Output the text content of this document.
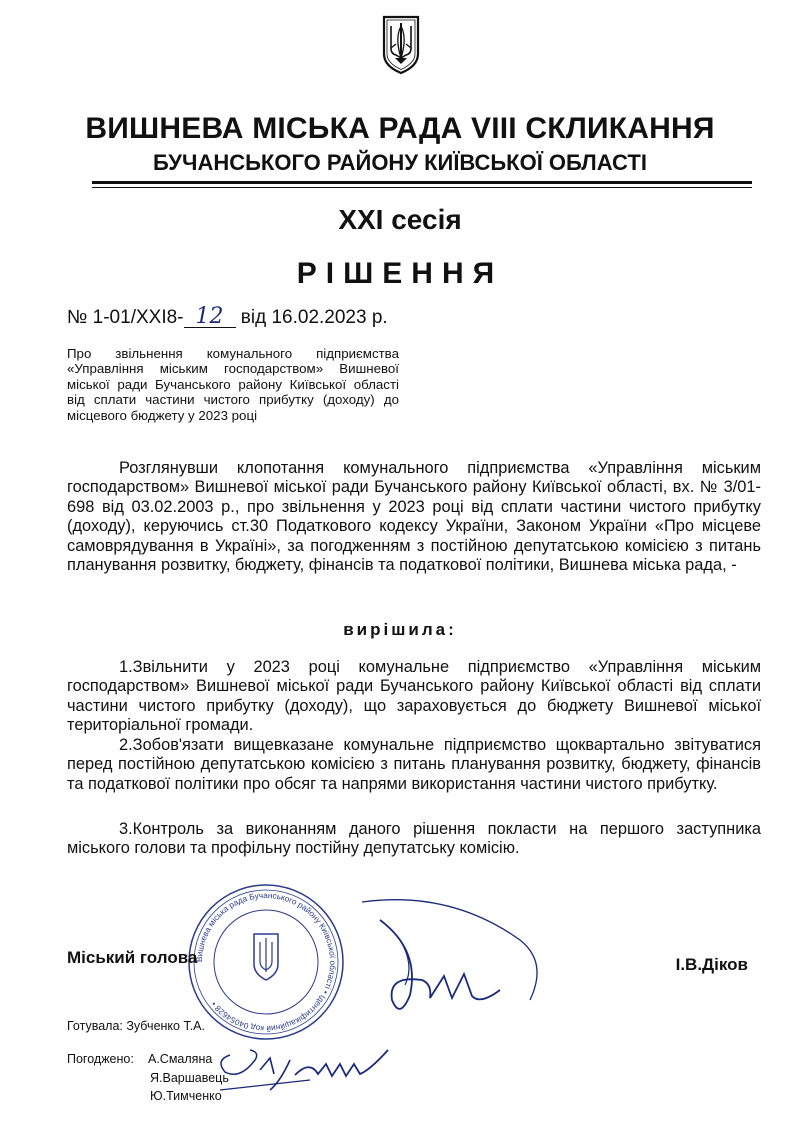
ВИШНЕВА МІСЬКА РАДА VIII СКЛИКАННЯ
БУЧАНСЬКОГО РАЙОНУ КИЇВСЬКОЇ ОБЛАСТІ
XXI сесія
РІШЕННЯ
№ 1-01/XXI8- 12 від 16.02.2023 р.
Про звільнення комунального підприємства «Управління міським господарством» Вишневої міської ради Бучанського району Київської області від сплати частини чистого прибутку (доходу) до місцевого бюджету у 2023 році
Розглянувши клопотання комунального підприємства «Управління міським господарством» Вишневої міської ради Бучанського району Київської області, вх. № 3/01-698 від 03.02.2003 р., про звільнення у 2023 році від сплати частини чистого прибутку (доходу), керуючись ст.30 Податкового кодексу України, Законом України «Про місцеве самоврядування в Україні», за погодженням з постійною депутатською комісією з питань планування розвитку, бюджету, фінансів та податкової політики, Вишнева міська рада, -
вирішила:
1.Звільнити у 2023 році комунальне підприємство «Управління міським господарством» Вишневої міської ради Бучанського району Київської області від сплати частини чистого прибутку (доходу), що зараховується до бюджету Вишневої міської територіальної громади.
2.Зобов'язати вищевказане комунальне підприємство щоквартально звітуватися перед постійною депутатською комісією з питань планування розвитку, бюджету, фінансів та податкової політики про обсяг та напрями використання частини чистого прибутку.
3.Контроль за виконанням даного рішення покласти на першого заступника міського голови та профільну постійну депутатську комісію.
Вишнева міська рада Бучанського району Київської області • Ідентифікаційний код 04054628 •
Міський голова	І.В.Діков
Готувала: Зубченко Т.А.
Погоджено: А.Смаляна
Я.Варшавець
Ю.Тимченко
